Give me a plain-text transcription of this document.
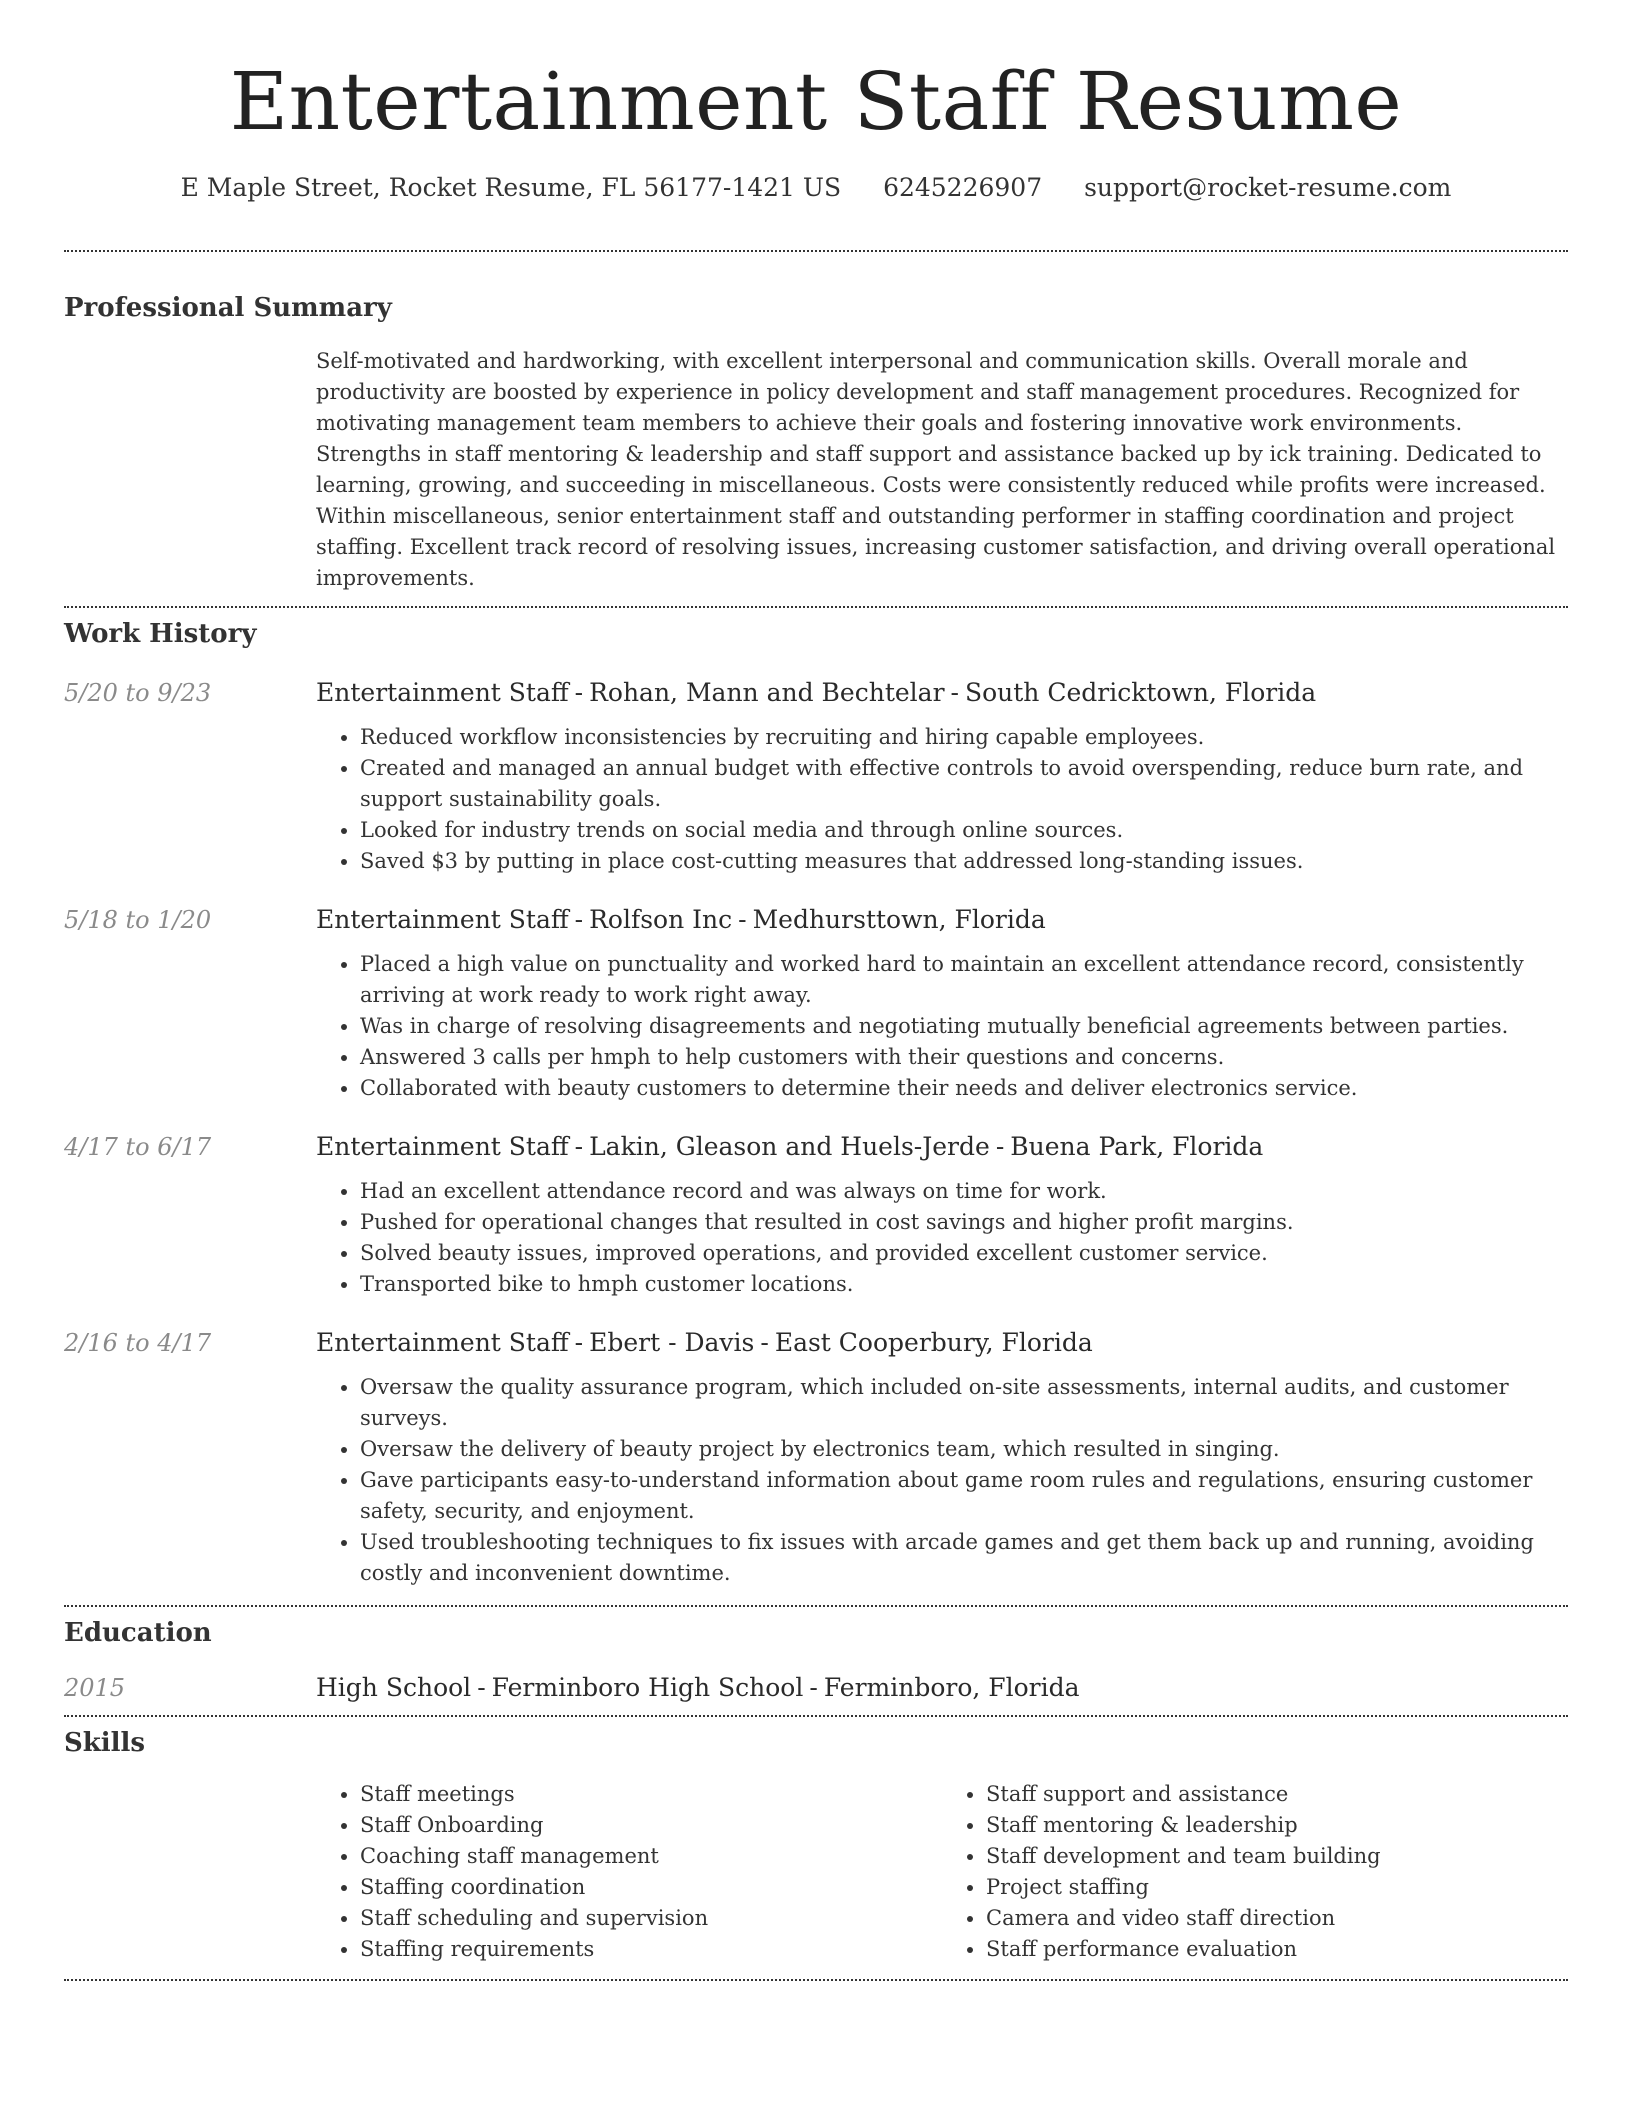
Entertainment Staff Resume
E Maple Street, Rocket Resume, FL 56177-1421 US 6245226907 support@rocket-resume.com
Professional Summary

Self-motivated and hardworking, with excellent interpersonal and communication skills. Overall morale and productivity are boosted by experience in policy development and staff management procedures. Recognized for motivating management team members to achieve their goals and fostering innovative work environments. Strengths in staff mentoring & leadership and staff support and assistance backed up by ick training. Dedicated to learning, growing, and succeeding in miscellaneous. Costs were consistently reduced while profits were increased. Within miscellaneous, senior entertainment staff and outstanding performer in staffing coordination and project staffing. Excellent track record of resolving issues, increasing customer satisfaction, and driving overall operational improvements.

Work History
5/20 to 9/23	Entertainment Staff - Rohan, Mann and Bechtelar - South Cedricktown, Florida
• Reduced workflow inconsistencies by recruiting and hiring capable employees.
• Created and managed an annual budget with effective controls to avoid overspending, reduce burn rate, and support sustainability goals.
• Looked for industry trends on social media and through online sources.
• Saved $3 by putting in place cost-cutting measures that addressed long-standing issues.
5/18 to 1/20	Entertainment Staff - Rolfson Inc - Medhursttown, Florida
• Placed a high value on punctuality and worked hard to maintain an excellent attendance record, consistently arriving at work ready to work right away.
• Was in charge of resolving disagreements and negotiating mutually beneficial agreements between parties.
• Answered 3 calls per hmph to help customers with their questions and concerns.
• Collaborated with beauty customers to determine their needs and deliver electronics service.
4/17 to 6/17	Entertainment Staff - Lakin, Gleason and Huels-Jerde - Buena Park, Florida
• Had an excellent attendance record and was always on time for work.
• Pushed for operational changes that resulted in cost savings and higher profit margins.
• Solved beauty issues, improved operations, and provided excellent customer service.
• Transported bike to hmph customer locations.
2/16 to 4/17	Entertainment Staff - Ebert - Davis - East Cooperbury, Florida
• Oversaw the quality assurance program, which included on-site assessments, internal audits, and customer surveys.
• Oversaw the delivery of beauty project by electronics team, which resulted in singing.
• Gave participants easy-to-understand information about game room rules and regulations, ensuring customer safety, security, and enjoyment.
• Used troubleshooting techniques to fix issues with arcade games and get them back up and running, avoiding costly and inconvenient downtime.
Education
2015	High School - Ferminboro High School - Ferminboro, Florida
Skills
• Staff meetings
• Staff Onboarding
• Coaching staff management
• Staffing coordination
• Staff scheduling and supervision
• Staffing requirements
• Staff support and assistance
• Staff mentoring & leadership
• Staff development and team building
• Project staffing
• Camera and video staff direction
• Staff performance evaluation
